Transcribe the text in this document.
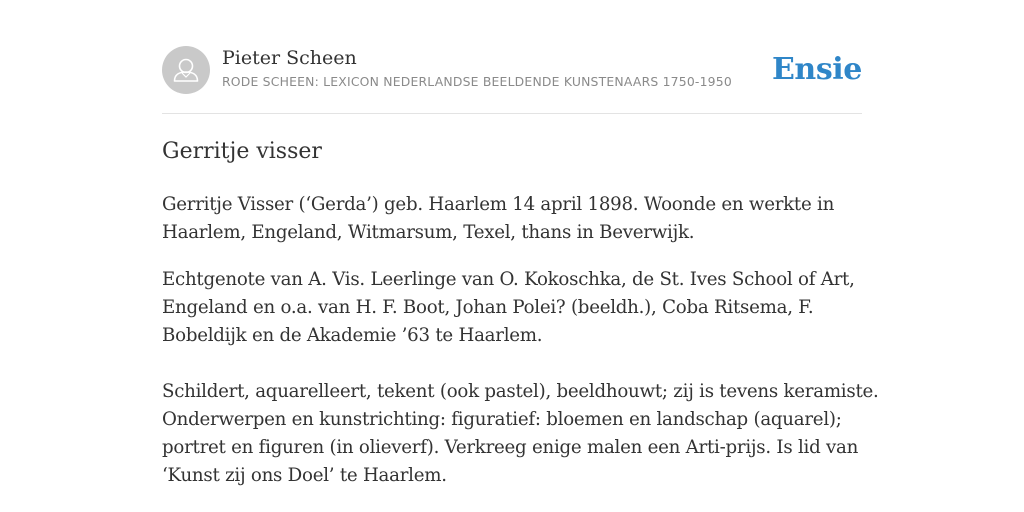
Pieter Scheen
RODE SCHEEN: LEXICON NEDERLANDSE BEELDENDE KUNSTENAARS 1750-1950 Ensie
Gerritje visser

Gerritje Visser (‘Gerda’) geb. Haarlem 14 april 1898. Woonde en werkte in
Haarlem, Engeland, Witmarsum, Texel, thans in Beverwijk.

Echtgenote van A. Vis. Leerlinge van O. Kokoschka, de St. Ives School of Art,
Engeland en o.a. van H. F. Boot, Johan Polei? (beeldh.), Coba Ritsema, F.
Bobeldijk en de Akademie ’63 te Haarlem.

Schildert, aquarelleert, tekent (ook pastel), beeldhouwt; zij is tevens keramiste.
Onderwerpen en kunstrichting: figuratief: bloemen en landschap (aquarel);
portret en figuren (in olieverf). Verkreeg enige malen een Arti-prijs. Is lid van
‘Kunst zij ons Doel’ te Haarlem.
